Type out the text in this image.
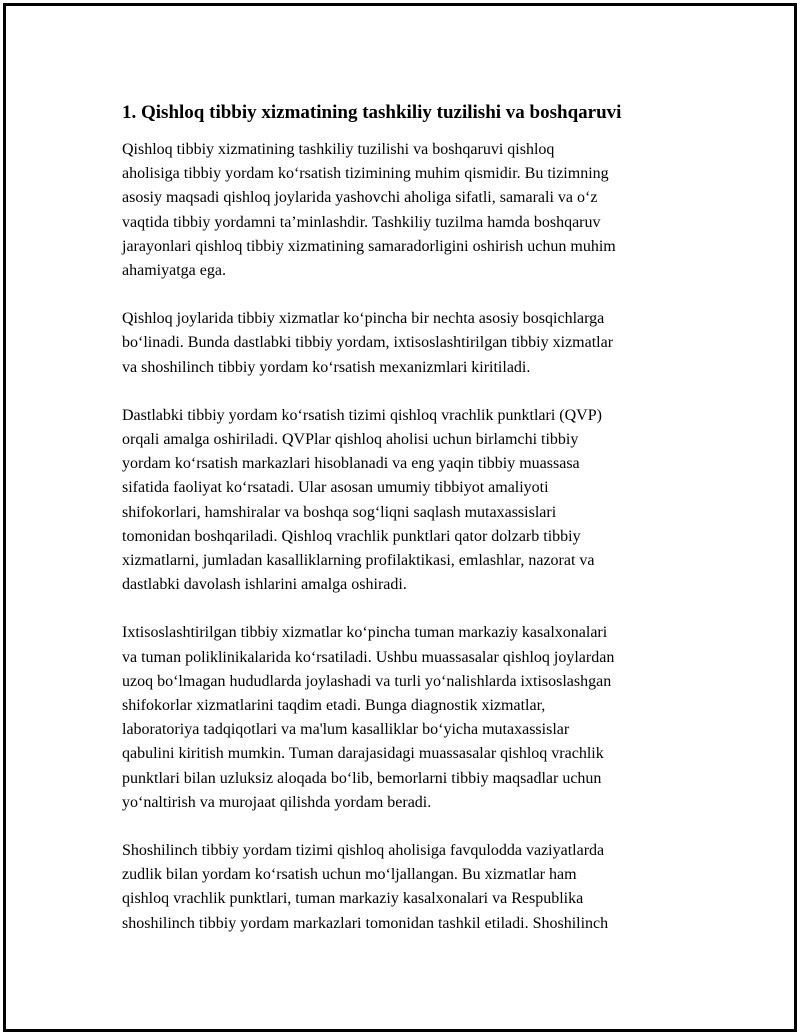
1. Qishloq tibbiy xizmatining tashkiliy tuzilishi va boshqaruvi

Qishloq tibbiy xizmatining tashkiliy tuzilishi va boshqaruvi qishloq
aholisiga tibbiy yordam ko‘rsatish tizimining muhim qismidir. Bu tizimning
asosiy maqsadi qishloq joylarida yashovchi aholiga sifatli, samarali va o‘z
vaqtida tibbiy yordamni ta’minlashdir. Tashkiliy tuzilma hamda boshqaruv
jarayonlari qishloq tibbiy xizmatining samaradorligini oshirish uchun muhim
ahamiyatga ega.

Qishloq joylarida tibbiy xizmatlar ko‘pincha bir nechta asosiy bosqichlarga
bo‘linadi. Bunda dastlabki tibbiy yordam, ixtisoslashtirilgan tibbiy xizmatlar
va shoshilinch tibbiy yordam ko‘rsatish mexanizmlari kiritiladi.

Dastlabki tibbiy yordam ko‘rsatish tizimi qishloq vrachlik punktlari (QVP)
orqali amalga oshiriladi. QVPlar qishloq aholisi uchun birlamchi tibbiy
yordam ko‘rsatish markazlari hisoblanadi va eng yaqin tibbiy muassasa
sifatida faoliyat ko‘rsatadi. Ular asosan umumiy tibbiyot amaliyoti
shifokorlari, hamshiralar va boshqa sog‘liqni saqlash mutaxassislari
tomonidan boshqariladi. Qishloq vrachlik punktlari qator dolzarb tibbiy
xizmatlarni, jumladan kasalliklarning profilaktikasi, emlashlar, nazorat va
dastlabki davolash ishlarini amalga oshiradi.

Ixtisoslashtirilgan tibbiy xizmatlar ko‘pincha tuman markaziy kasalxonalari
va tuman poliklinikalarida ko‘rsatiladi. Ushbu muassasalar qishloq joylardan
uzoq bo‘lmagan hududlarda joylashadi va turli yo‘nalishlarda ixtisoslashgan
shifokorlar xizmatlarini taqdim etadi. Bunga diagnostik xizmatlar,
laboratoriya tadqiqotlari va ma'lum kasalliklar bo‘yicha mutaxassislar
qabulini kiritish mumkin. Tuman darajasidagi muassasalar qishloq vrachlik
punktlari bilan uzluksiz aloqada bo‘lib, bemorlarni tibbiy maqsadlar uchun
yo‘naltirish va murojaat qilishda yordam beradi.

Shoshilinch tibbiy yordam tizimi qishloq aholisiga favqulodda vaziyatlarda
zudlik bilan yordam ko‘rsatish uchun mo‘ljallangan. Bu xizmatlar ham
qishloq vrachlik punktlari, tuman markaziy kasalxonalari va Respublika
shoshilinch tibbiy yordam markazlari tomonidan tashkil etiladi. Shoshilinch
